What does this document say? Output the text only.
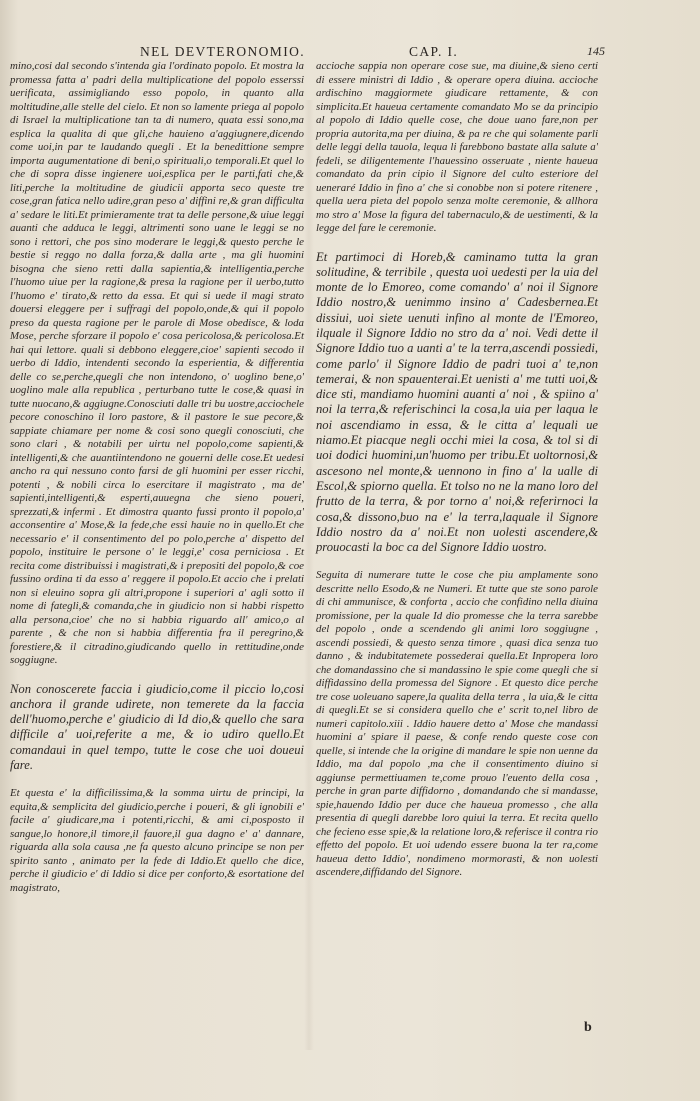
NEL DEVTERONOMIO.	CAP. I.	145

mino,cosi dal secondo s'intenda gia l'ordinato popolo. Et mostra la promessa fatta a' padri della multiplicatione del popolo esserssi uerificata, assimigliando esso popolo, in quanto alla moltitudine,alle stelle del cielo. Et non so lamente priega al popolo di Israel la multiplicatione tan ta di numero, quata essi sono,ma esplica la qualita di que gli,che hauieno a'aggiugnere,dicendo come uoi,in par te laudando quegli . Et la benedittione sempre importa augumentatione di beni,o spirituali,o temporali.Et quel lo che di sopra disse ingienere uoi,esplica per le parti,fati che,& liti,perche la moltitudine de giudicii apporta seco queste tre cose,gran fatica nello udire,gran peso a' diffini re,& gran difficulta a' sedare le liti.Et primieramente trat ta delle persone,& uiue leggi auanti che adduca le leggi, altrimenti sono uane le leggi se no sono i rettori, che pos sino moderare le leggi,& questo perche le bestie si reggo no dalla forza,& dalla arte , ma gli huomini bisogna che sieno retti dalla sapientia,& intelligentia,perche l'huomo uiue per la ragione,& presa la ragione per il uerbo,tutto l'huomo e' tirato,& retto da essa. Et qui si uede il magi strato douersi eleggere per i suffragi del popolo,onde,& qui il popolo preso da questa ragione per le parole di Mose obedisce, & loda Mose, perche sforzare il popolo e' cosa pericolosa,& pericolosa.Et hai qui lettore. quali si debbono eleggere,cioe' sapienti secodo il uerbo di Iddio, intendenti secondo la esperientia, & differentia delle co se,perche,quegli che non intendono, o' uoglino bene,o' uoglino male alla republica , perturbano tutte le cose,& quasi in tutte nuocano,& aggiugne.Conosciuti dalle tri bu uostre,acciochele pecore conoschino il loro pastore, & il pastore le sue pecore,& sappiate chiamare per nome & cosi sono quegli conosciuti, che sono clari , & notabili per uirtu nel popolo,come sapienti,& intelligenti,& che auantiintendono ne gouerni delle cose.Et uedesi ancho ra qui nessuno conto farsi de gli huomini per esser ricchi, potenti , & nobili circa lo esercitare il magistrato , ma de' sapienti,intelligenti,& esperti,auuegna che sieno poueri, sprezzati,& infermi . Et dimostra quanto fussi pronto il popolo,a' acconsentire a' Mose,& la fede,che essi hauie no in quello.Et che necessario e' il consentimento del po polo,perche a' dispetto del popolo, instituire le persone o' le leggi,e' cosa perniciosa . Et recita come distribuissi i magistrati,& i prepositi del popolo,& coe fussino ordina ti da esso a' reggere il popolo.Et accio che i prelati non si eleuino sopra gli altri,propone i superiori a' agli sotto il nome di fategli,& comanda,che in giudicio non si habbi rispetto alla persona,cioe' che no si habbia riguardo all' amico,o al parente , & che non si habbia differentia fra il peregrino,& forestiere,& il citradino,giudicando quello in rettitudine,onde soggiugne.

Non conoscerete faccia i giudicio,come il piccio lo,cosi anchora il grande udirete, non temerete da la faccia dell'huomo,perche e' giudicio di Id dio,& quello che sara difficile a' uoi,referite a me, & io udiro quello.Et comandaui in quel tempo, tutte le cose che uoi doueui fare.

Et questa e' la difficilissima,& la somma uirtu de principi, la equita,& semplicita del giudicio,perche i poueri, & gli ignobili e' facile a' giudicare,ma i potenti,ricchi, & ami ci,posposto il sangue,lo honore,il timore,il fauore,il gua dagno e' a' dannare, riguarda alla sola causa ,ne fa questo alcuno principe se non per spirito santo , animato per la fede di Iddio.Et quello che dice, perche il giudicio e' di Iddio si dice per conforto,& esortatione del magistrato,

accioche sappia non operare cose sue, ma diuine,& sieno certi di essere ministri di Iddio , & operare opera diuina. accioche ardischino maggiormete giudicare rettamente, & con simplicita.Et haueua certamente comandato Mo se da principio al popolo di Iddio quelle cose, che doue uano fare,non per propria autorita,ma per diuina, & pa re che qui solamente parli delle leggi della tauola, lequa li farebbono bastate alla salute a' fedeli, se diligentemente l'hauessino osseruate , niente haueua comandato da prin cipio il Signore del culto esteriore del ueneraré Iddio in fino a' che si conobbe non si potere ritenere , quella uera pieta del popolo senza molte ceremonie, & allhora mo stro a' Mose la figura del tabernaculo,& de uestimenti, & la legge del fare le ceremonie.

Et partimoci di Horeb,& caminamo tutta la gran solitudine, & terribile , questa uoi uedesti per la uia del monte de lo Emoreo, come comando' a' noi il Signore Iddio nostro,& uenimmo insino a' Cadesbernea.Et dissiui, uoi siete uenuti infino al monte de l'Emoreo, ilquale il Signore Iddio no stro da a' noi. Vedi dette il Signore Iddio tuo a uanti a' te la terra,ascendi possiedi, come parlo' il Signore Iddio de padri tuoi a' te,non temerai, & non spauenterai.Et uenisti a' me tutti uoi,& dice sti, mandiamo huomini auanti a' noi , & spiino a' noi la terra,& referischinci la cosa,la uia per laqua le noi ascendiamo in essa, & le citta a' lequali ue niamo.Et piacque negli occhi miei la cosa, & tol si di uoi dodici huomini,un'huomo per tribu.Et uoltornosi,& ascesono nel monte,& uennono in fino a' la ualle di Escol,& spiorno quella. Et tolso no ne la mano loro del frutto de la terra, & por torno a' noi,& referirnoci la cosa,& dissono,buo na e' la terra,laquale il Signore Iddio nostro da a' noi.Et non uolesti ascendere,& prouocasti la boc ca del Signore Iddio uostro.

Seguita di numerare tutte le cose che piu amplamente sono descritte nello Esodo,& ne Numeri. Et tutte que ste sono parole di chi ammunisce, & conforta , accio che confidino nella diuina promissione, per la quale Id dio promesse che la terra sarebbe del popolo , onde a scendendo gli animi loro soggiugne , ascendi possiedi, & questo senza timore , quasi dica senza tuo danno , & indubitatemete possederai quella.Et Inpropera loro che domandassino che si mandassino le spie come quegli che si diffidassino della promessa del Signore . Et questo dice perche tre cose uoleuano sapere,la qualita della terra , la uia,& le citta di quegli.Et se si considera quello che e' scrit to,nel libro de numeri capitolo.xiii . Iddio hauere detto a' Mose che mandassi huomini a' spiare il paese, & confe rendo queste cose con quelle, si intende che la origine di mandare le spie non uenne da Iddio, ma dal popolo ,ma che il consentimento diuino si aggiunse permettiuamen te,come prouo l'euento della cosa , perche in gran parte diffidorno , domandando che si mandasse, spie,hauendo Iddio per duce che haueua promesso , che alla presentia di quegli darebbe loro quiui la terra. Et recita quello che fecieno esse spie,& la relatione loro,& referisce il contra rio effetto del popolo. Et uoi udendo essere buona la ter ra,come haueua detto Iddio', nondimeno mormorasti, & non uolesti ascendere,diffidando del Signore.

b
